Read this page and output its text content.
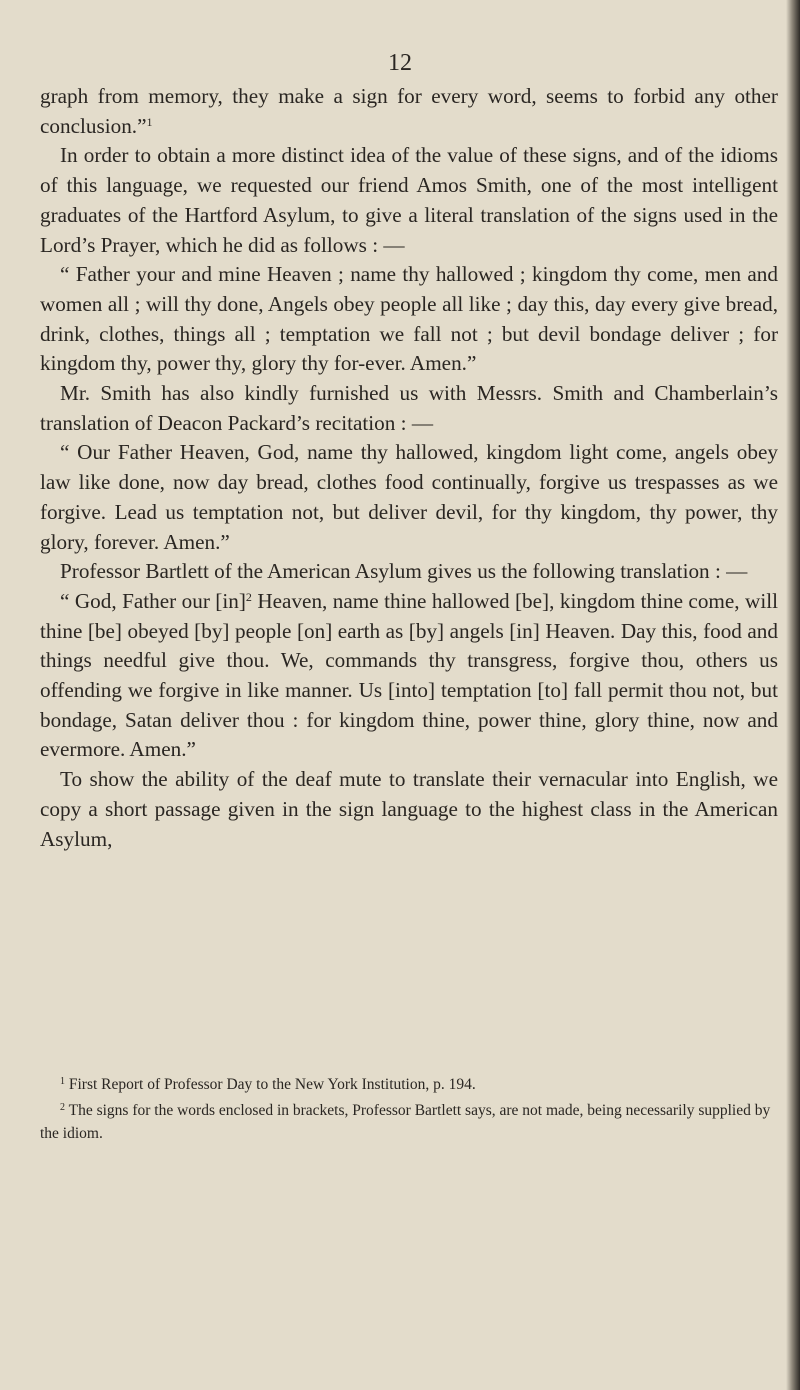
12

graph from memory, they make a sign for every word, seems to forbid any other conclusion.”$^1$

In order to obtain a more distinct idea of the value of these signs, and of the idioms of this language, we requested our friend Amos Smith, one of the most intelligent graduates of the Hartford Asylum, to give a literal translation of the signs used in the Lord’s Prayer, which he did as follows : —

“ Father your and mine Heaven ; name thy hallowed ; kingdom thy come, men and women all ; will thy done, Angels obey people all like ; day this, day every give bread, drink, clothes, things all ; temptation we fall not ; but devil bondage deliver ; for kingdom thy, power thy, glory thy for-ever. Amen.”

Mr. Smith has also kindly furnished us with Messrs. Smith and Chamberlain’s translation of Deacon Packard’s recitation : —

“ Our Father Heaven, God, name thy hallowed, kingdom light come, angels obey law like done, now day bread, clothes food continually, forgive us trespasses as we forgive. Lead us temptation not, but deliver devil, for thy kingdom, thy power, thy glory, forever. Amen.”

Professor Bartlett of the American Asylum gives us the following translation : —

“ God, Father our [in]$^2$ Heaven, name thine hallowed [be], kingdom thine come, will thine [be] obeyed [by] people [on] earth as [by] angels [in] Heaven. Day this, food and things needful give thou. We, commands thy transgress, forgive thou, others us offending we forgive in like manner. Us [into] temptation [to] fall permit thou not, but bondage, Satan deliver thou : for kingdom thine, power thine, glory thine, now and evermore. Amen.”

To show the ability of the deaf mute to translate their vernacular into English, we copy a short passage given in the sign language to the highest class in the American Asylum,

$^1$ First Report of Professor Day to the New York Institution, p. 194.

$^2$ The signs for the words enclosed in brackets, Professor Bartlett says, are not made, being necessarily supplied by the idiom.
